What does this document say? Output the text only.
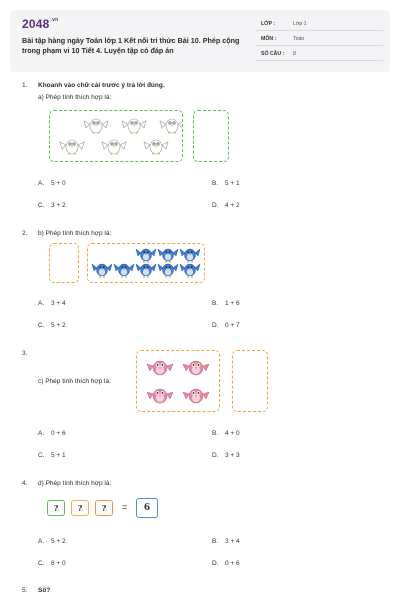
$2048^{.vn}$
Bài tập hàng ngày Toán lớp 1 Kết nối tri thức Bài 10. Phép cộng trong phạm vi 10 Tiết 4. Luyện tập có đáp án
LỚP :	Lớp 1
MÔN :	Toán
SỐ CÂU : 8
1. Khoanh vào chữ cái trước ý trả lời đúng.
a) Phép tính thích hợp là:
A. 5 + 0	B. 5 + 1
C. 3 + 2	D. 4 + 2
2. b) Phép tính thích hợp là:
A. 3 + 4	B. 1 + 6
C. 5 + 2	D. 0 + 7
3.
c) Phép tính thích hợp là:
A. 0 + 6	B. 4 + 0
C. 5 + 1	D. 3 + 3
4. d) Phép tính thích hợp là:
?	?	?	=	6
A. 5 + 2	B. 3 + 4
C. 8 + 0	D. 0 + 6
5. Số?
